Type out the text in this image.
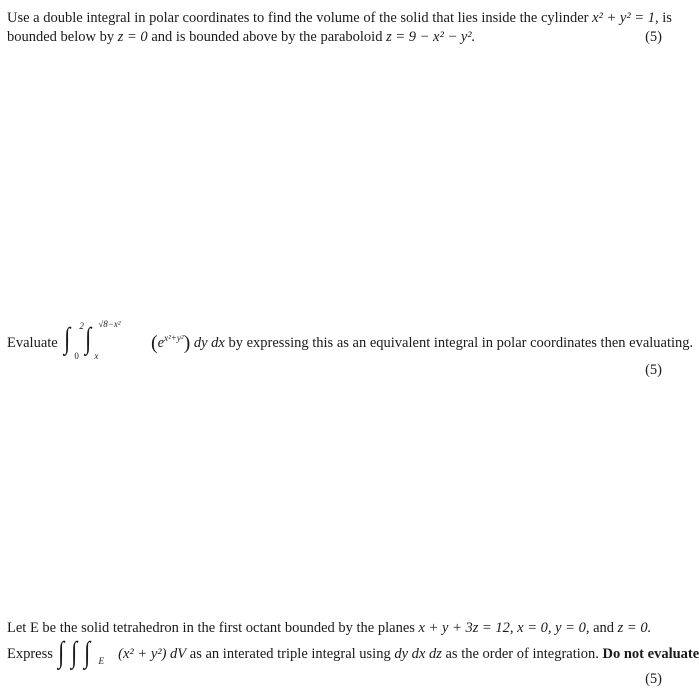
Use a double integral in polar coordinates to find the volume of the solid that lies inside the cylinder x² + y² = 1, is
bounded below by z = 0 and is bounded above by the paraboloid z = 9 − x² − y².	(5)
Evaluate ∫ 2
0
∫ √8−x²
x
$(e^{x^2+y^2})$ dy dx by expressing this as an equivalent integral in polar coordinates then evaluating.
(5)
Let E be the solid tetrahedron in the first octant bounded by the planes x + y + 3z = 12, x = 0, y = 0, and z = 0.
Express ∫ ∫ ∫ E (x² + y²) dV as an interated triple integral using dy dx dz as the order of integration. Do not evaluate
(5)
